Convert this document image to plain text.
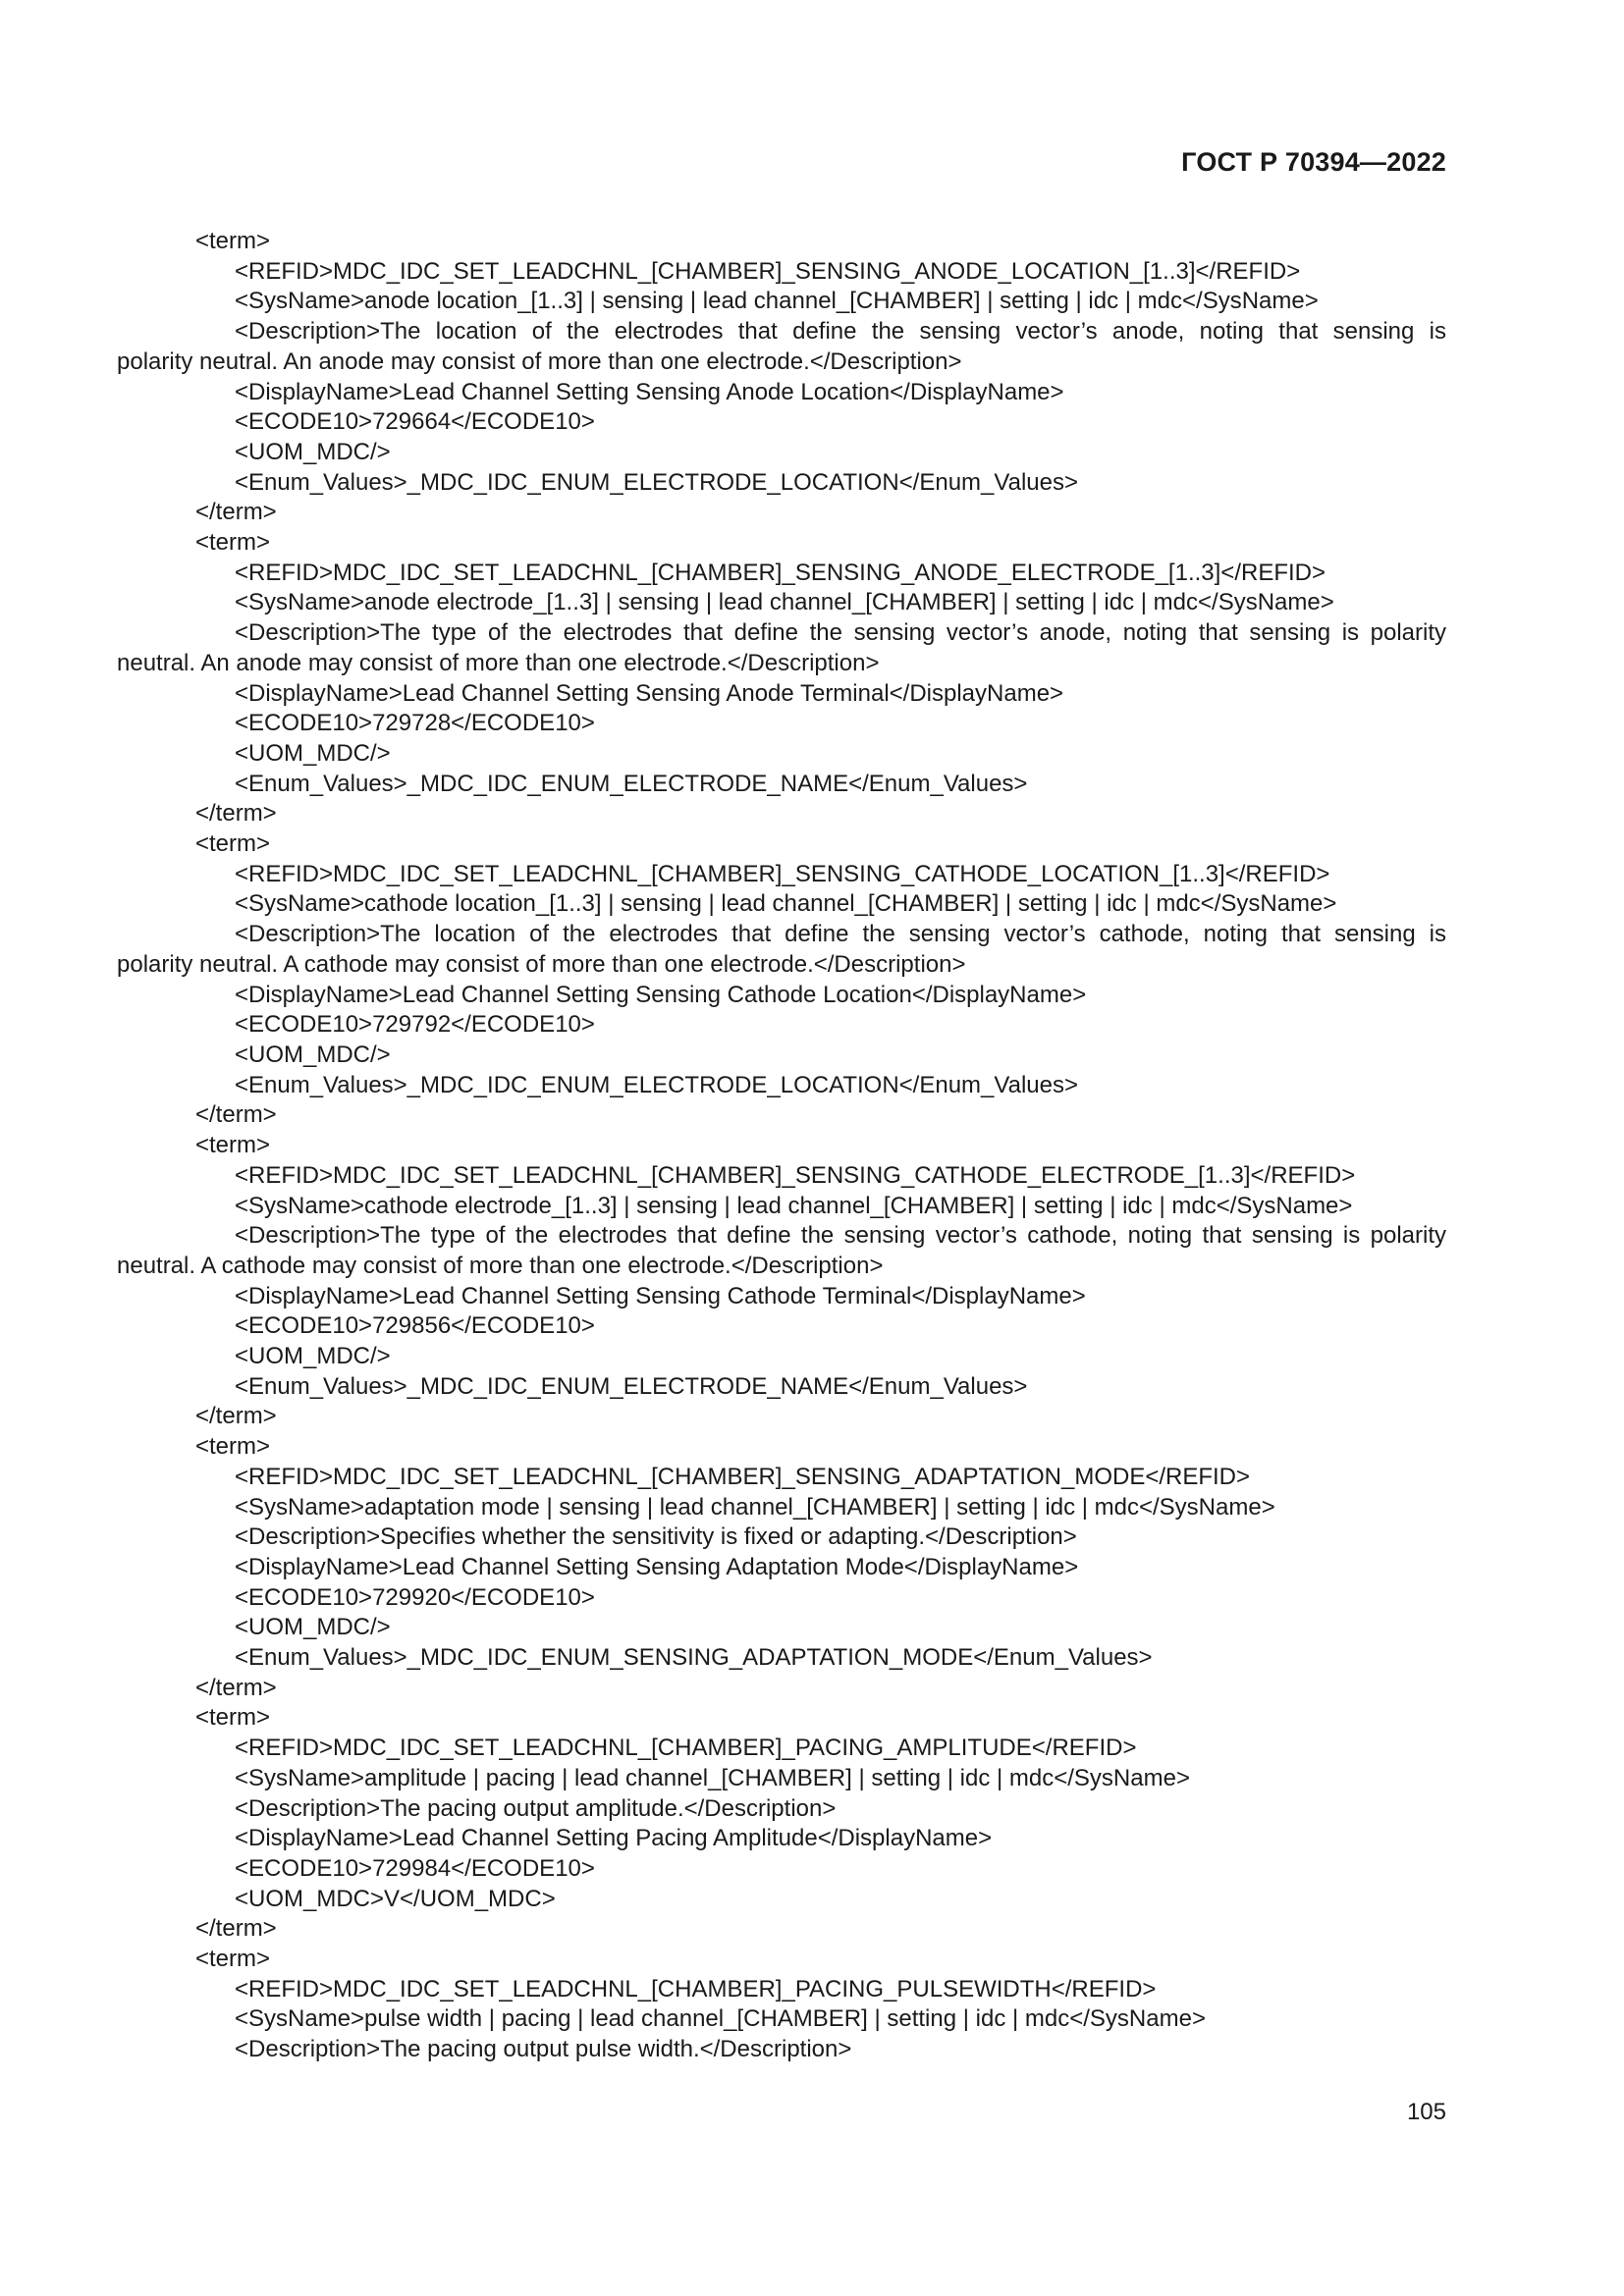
ГОСТ Р 70394—2022
<term>
<REFID>MDC_IDC_SET_LEADCHNL_[CHAMBER]_SENSING_ANODE_LOCATION_[1..3]</REFID>
<SysName>anode location_[1..3] | sensing | lead channel_[CHAMBER] | setting | idc | mdc</SysName>
<Description>The location of the electrodes that define the sensing vector’s anode, noting that sensing is
polarity neutral. An anode may consist of more than one electrode.</Description>
<DisplayName>Lead Channel Setting Sensing Anode Location</DisplayName>
<ECODE10>729664</ECODE10>
<UOM_MDC/>
<Enum_Values>_MDC_IDC_ENUM_ELECTRODE_LOCATION</Enum_Values>
</term>
<term>
<REFID>MDC_IDC_SET_LEADCHNL_[CHAMBER]_SENSING_ANODE_ELECTRODE_[1..3]</REFID>
<SysName>anode electrode_[1..3] | sensing | lead channel_[CHAMBER] | setting | idc | mdc</SysName>
<Description>The type of the electrodes that define the sensing vector’s anode, noting that sensing is polarity
neutral. An anode may consist of more than one electrode.</Description>
<DisplayName>Lead Channel Setting Sensing Anode Terminal</DisplayName>
<ECODE10>729728</ECODE10>
<UOM_MDC/>
<Enum_Values>_MDC_IDC_ENUM_ELECTRODE_NAME</Enum_Values>
</term>
<term>
<REFID>MDC_IDC_SET_LEADCHNL_[CHAMBER]_SENSING_CATHODE_LOCATION_[1..3]</REFID>
<SysName>cathode location_[1..3] | sensing | lead channel_[CHAMBER] | setting | idc | mdc</SysName>
<Description>The location of the electrodes that define the sensing vector’s cathode, noting that sensing is
polarity neutral. A cathode may consist of more than one electrode.</Description>
<DisplayName>Lead Channel Setting Sensing Cathode Location</DisplayName>
<ECODE10>729792</ECODE10>
<UOM_MDC/>
<Enum_Values>_MDC_IDC_ENUM_ELECTRODE_LOCATION</Enum_Values>
</term>
<term>
<REFID>MDC_IDC_SET_LEADCHNL_[CHAMBER]_SENSING_CATHODE_ELECTRODE_[1..3]</REFID>
<SysName>cathode electrode_[1..3] | sensing | lead channel_[CHAMBER] | setting | idc | mdc</SysName>
<Description>The type of the electrodes that define the sensing vector’s cathode, noting that sensing is polarity
neutral. A cathode may consist of more than one electrode.</Description>
<DisplayName>Lead Channel Setting Sensing Cathode Terminal</DisplayName>
<ECODE10>729856</ECODE10>
<UOM_MDC/>
<Enum_Values>_MDC_IDC_ENUM_ELECTRODE_NAME</Enum_Values>
</term>
<term>
<REFID>MDC_IDC_SET_LEADCHNL_[CHAMBER]_SENSING_ADAPTATION_MODE</REFID>
<SysName>adaptation mode | sensing | lead channel_[CHAMBER] | setting | idc | mdc</SysName>
<Description>Specifies whether the sensitivity is fixed or adapting.</Description>
<DisplayName>Lead Channel Setting Sensing Adaptation Mode</DisplayName>
<ECODE10>729920</ECODE10>
<UOM_MDC/>
<Enum_Values>_MDC_IDC_ENUM_SENSING_ADAPTATION_MODE</Enum_Values>
</term>
<term>
<REFID>MDC_IDC_SET_LEADCHNL_[CHAMBER]_PACING_AMPLITUDE</REFID>
<SysName>amplitude | pacing | lead channel_[CHAMBER] | setting | idc | mdc</SysName>
<Description>The pacing output amplitude.</Description>
<DisplayName>Lead Channel Setting Pacing Amplitude</DisplayName>
<ECODE10>729984</ECODE10>
<UOM_MDC>V</UOM_MDC>
</term>
<term>
<REFID>MDC_IDC_SET_LEADCHNL_[CHAMBER]_PACING_PULSEWIDTH</REFID>
<SysName>pulse width | pacing | lead channel_[CHAMBER] | setting | idc | mdc</SysName>
<Description>The pacing output pulse width.</Description>
105
